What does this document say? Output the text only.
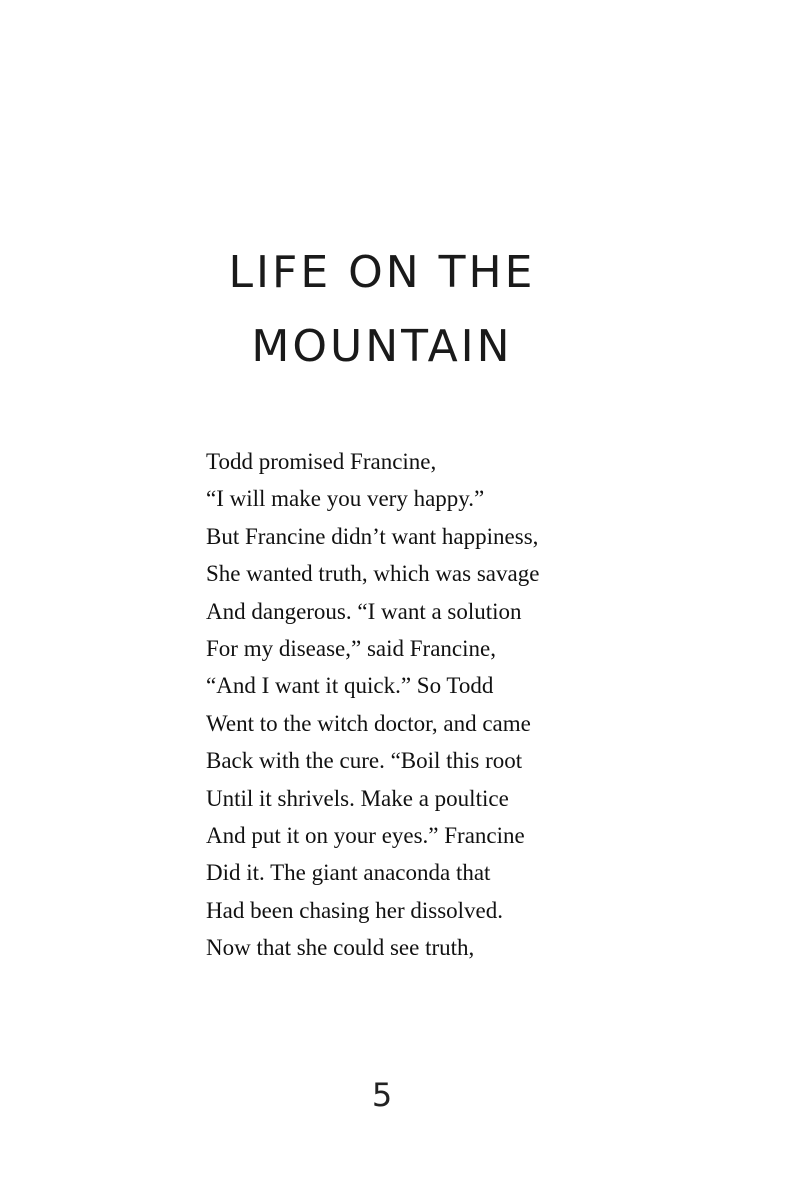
LIFE ON THE
MOUNTAIN
Todd promised Francine,
“I will make you very happy.”
But Francine didn’t want happiness,
She wanted truth, which was savage
And dangerous. “I want a solution
For my disease,” said Francine,
“And I want it quick.” So Todd
Went to the witch doctor, and came
Back with the cure. “Boil this root
Until it shrivels. Make a poultice
And put it on your eyes.” Francine
Did it. The giant anaconda that
Had been chasing her dissolved.
Now that she could see truth,
5
